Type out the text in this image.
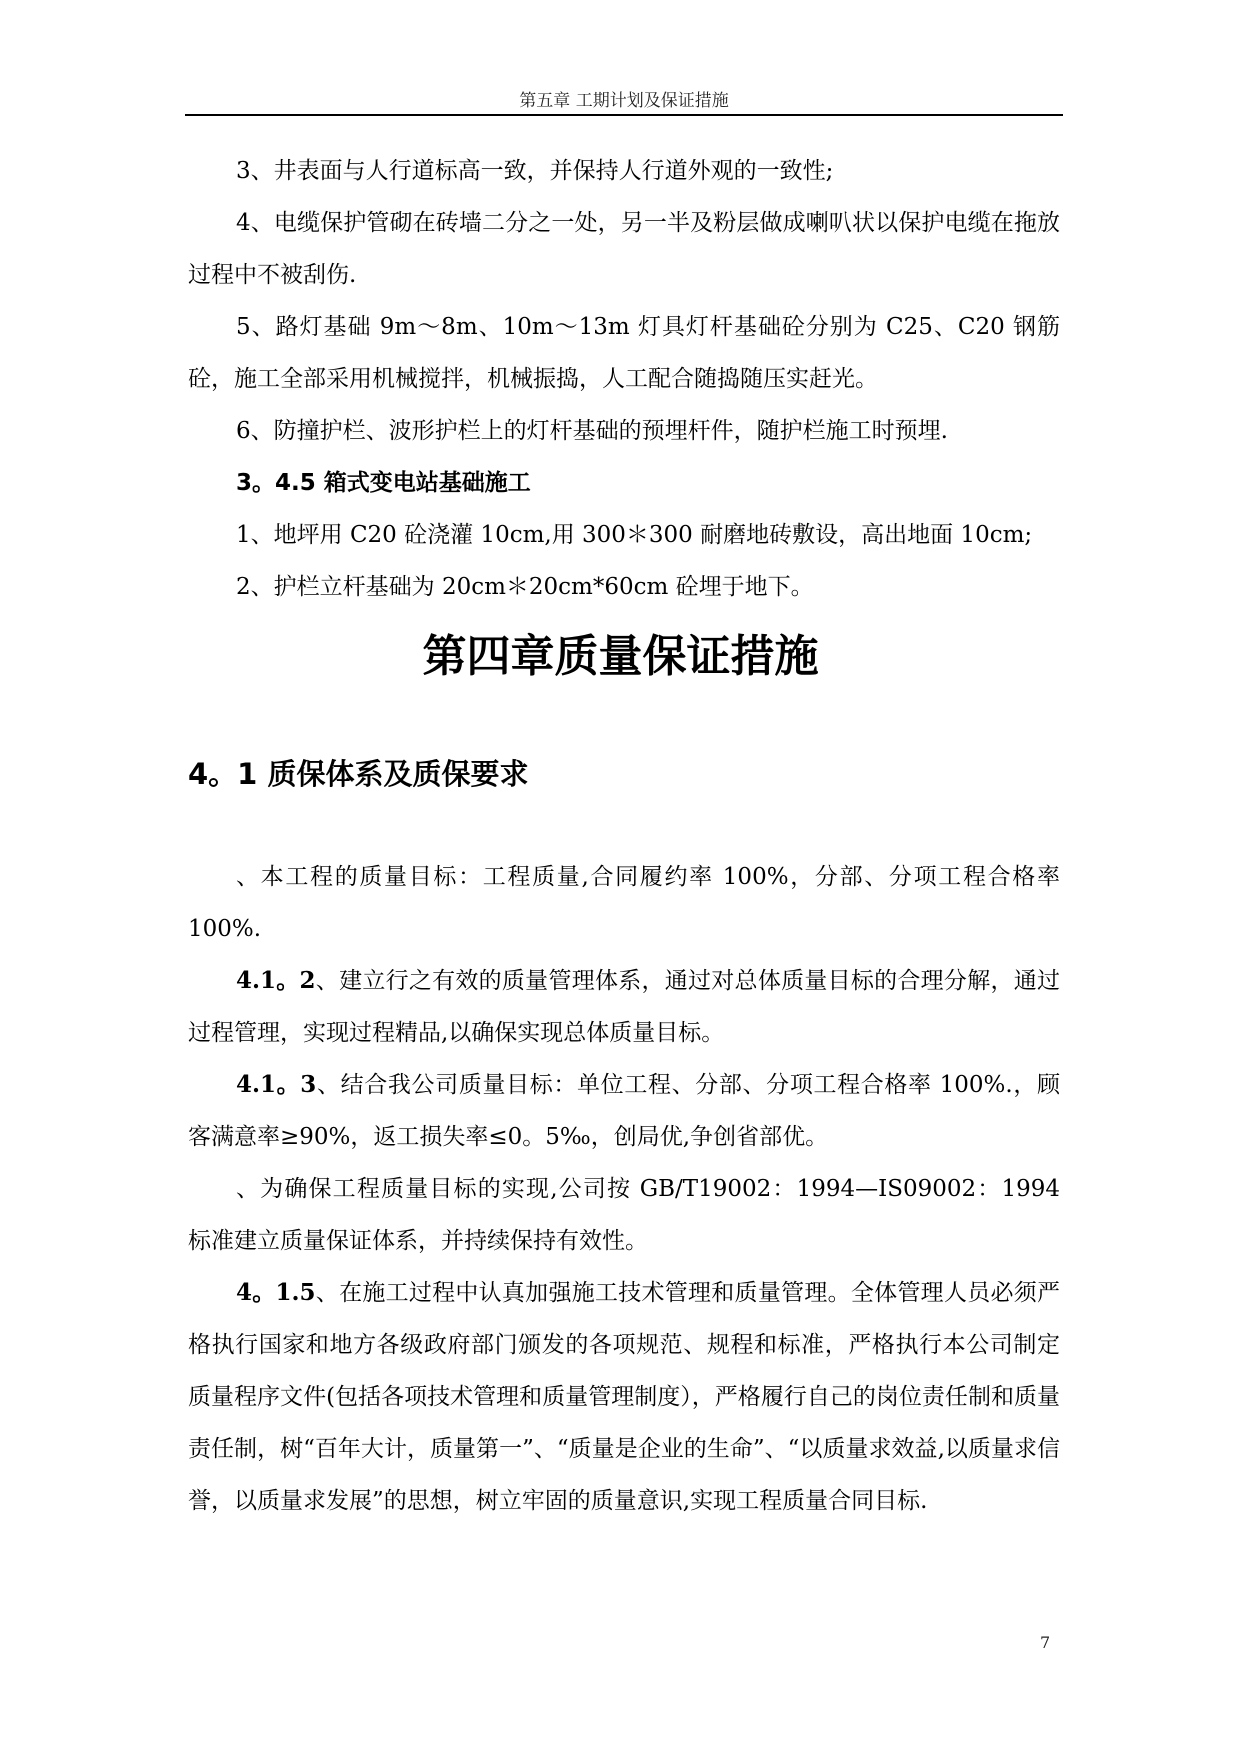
第五章 工期计划及保证措施

3、井表面与人行道标高一致，并保持人行道外观的一致性;

4、电缆保护管砌在砖墙二分之一处，另一半及粉层做成喇叭状以保护电缆在拖放过程中不被刮伤.

5、路灯基础 9m～8m、10m～13m 灯具灯杆基础砼分别为 C25、C20 钢筋砼，施工全部采用机械搅拌，机械振捣，人工配合随捣随压实赶光。

6、防撞护栏、波形护栏上的灯杆基础的预埋杆件，随护栏施工时预埋.

3。4.5 箱式变电站基础施工

1、地坪用 C20 砼浇灌 10cm,用 300＊300 耐磨地砖敷设，高出地面 10cm;

2、护栏立杆基础为 20cm＊20cm*60cm 砼埋于地下。

第四章质量保证措施
4。1 质保体系及质保要求

、本工程的质量目标：工程质量,合同履约率 100%，分部、分项工程合格率 100%.

4.1。2、建立行之有效的质量管理体系，通过对总体质量目标的合理分解，通过过程管理，实现过程精品,以确保实现总体质量目标。

4.1。3、结合我公司质量目标：单位工程、分部、分项工程合格率 100%.，顾客满意率≥90%，返工损失率≤0。5‰，创局优,争创省部优。

、为确保工程质量目标的实现,公司按 GB/T19002：1994—IS09002：1994 标准建立质量保证体系，并持续保持有效性。

4。1.5、在施工过程中认真加强施工技术管理和质量管理。全体管理人员必须严格执行国家和地方各级政府部门颁发的各项规范、规程和标准，严格执行本公司制定质量程序文件(包括各项技术管理和质量管理制度），严格履行自己的岗位责任制和质量责任制，树“百年大计，质量第一”、“质量是企业的生命”、“以质量求效益,以质量求信誉，以质量求发展”的思想，树立牢固的质量意识,实现工程质量合同目标.

7
